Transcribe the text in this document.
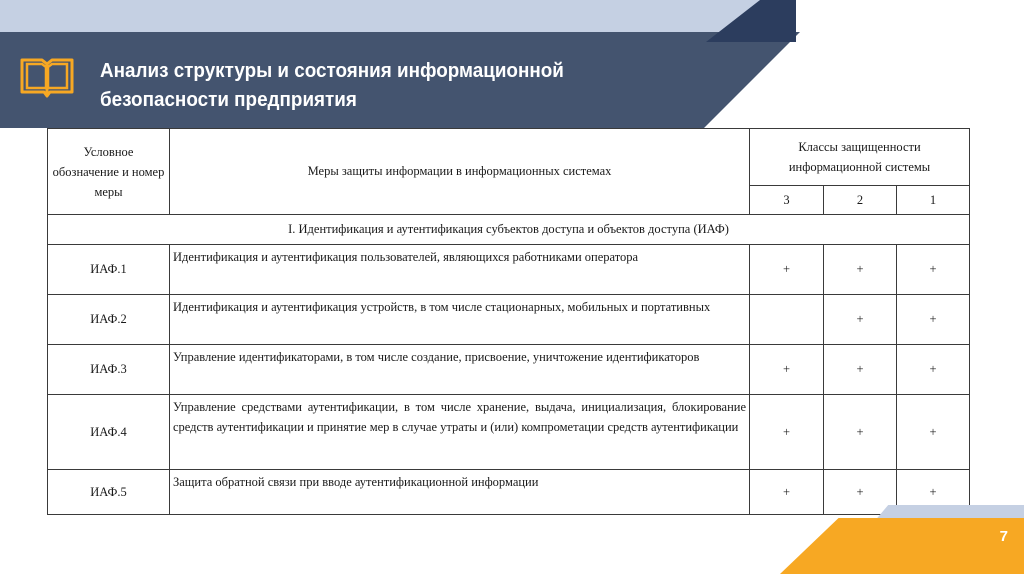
Анализ структуры и состояния информационной
безопасности предприятия
Условное обозначение и номер меры	Меры защиты информации в информационных системах	Классы защищенности информационной системы		
		3	2	1
I. Идентификация и аутентификация субъектов доступа и объектов доступа (ИАФ)				
ИАФ.1	Идентификация и аутентификация пользователей, являющихся работниками оператора	+	+	+
ИАФ.2	Идентификация и аутентификация устройств, в том числе стационарных, мобильных и портативных		+	+
ИАФ.3	Управление идентификаторами, в том числе создание, присвоение, уничтожение идентификаторов	+	+	+
ИАФ.4	Управление средствами аутентификации, в том числе хранение, выдача, инициализация, блокирование средств аутентификации и принятие мер в случае утраты и (или) компрометации средств аутентификации	+	+	+
ИАФ.5	Защита обратной связи при вводе аутентификационной информации	+	+	+
7
